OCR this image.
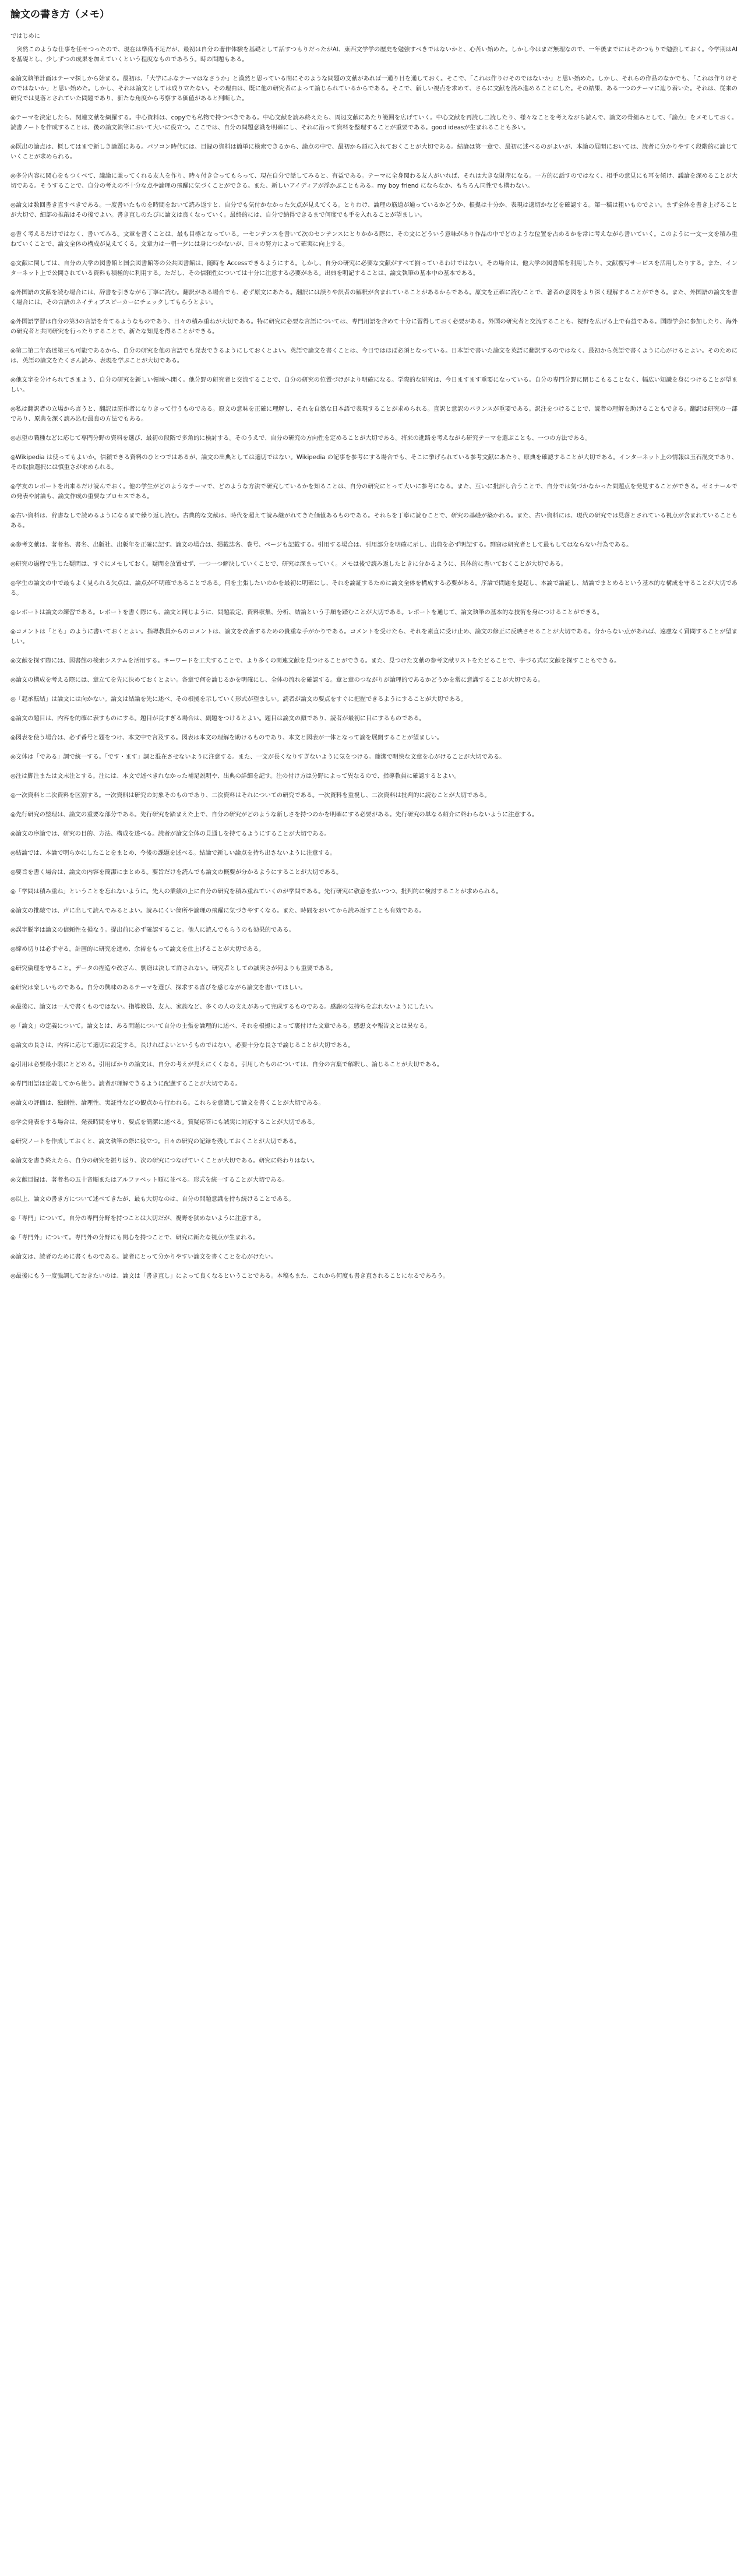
論文の書き方（メモ）

ではじめに

　突然このような仕事を任せつったので、現在は準備不足だが、最初は自分の著作体験を基礎として話すつもりだったがAI、東西文学学の歴史を勉強すべきではないかと、心苦い始めた。しかし今はまだ無理なので、一年後までにはそのつもりで勉強しておく。今学期はAIを基礎とし、少しずつの成果を加えていくという程度なものであろう。時の問題もある。

◎論文執筆計画はテーマ探しから始まる。最初は、「大学にふなテーマはなさうか」と漠然と思っている間にそのような問題の文献があれば一通り目を通しておく。そこで、「これは作りけそのではないか」と思い始めた。しかし、それらの作品のなかでも、「これは作りけそのではないか」と思い始めた。しかし、それは論文としては成り立たない。その理由は、既に他の研究者によって論じられているからである。そこで、新しい視点を求めて、さらに文献を読み進めることにした。その結果、ある一つのテーマに辿り着いた。それは、従来の研究では見落とされていた問題であり、新たな角度から考察する価値があると判断した。

◎テーマを決定したら、関連文献を網羅する。中心資料は、copyでも私物で持つべきである。中心文献を読み終えたら、周辺文献にあたり範囲を広げていく。中心文献を再読し二読したり、様々なことを考えながら読んで、論文の骨組みとして、「論点」をメモしておく。読書ノートを作成することは、後の論文執筆において大いに役立つ。ここでは、自分の問題意識を明確にし、それに沿って資料を整理することが重要である。good ideasが生まれることも多い。

◎既出の論点は、概してはまで新しき論題にある。パソコン時代には、目録の資料は簡単に検索できるから、論点の中で、最初から頭に入れておくことが大切である。結論は第一章で、最初に述べるのがよいが、本論の展開においては、読者に分かりやすく段階的に論じていくことが求められる。

◎多分内容に関心をもつくべて、議論に兼ってくれる友人を作り、時々付き合ってもらって、現在自分で話してみると、有益である。テーマに全身関わる友人がいれば、それは大きな財産になる。一方的に話すのではなく、相手の意見にも耳を傾け、議論を深めることが大切である。そうすることで、自分の考えの不十分な点や論理の飛躍に気づくことができる。また、新しいアイディアが浮かぶこともある。my boy friend にならなか、もちろん同性でも構わない。

◎論文は数回書き直すべきである。一度書いたものを時間をおいて読み返すと、自分でも気付かなかった欠点が見えてくる。とりわけ、論理の筋道が通っているかどうか、根拠は十分か、表現は適切かなどを確認する。第一稿は粗いものでよい。まず全体を書き上げることが大切で、細部の推敲はその後でよい。書き直しのたびに論文は良くなっていく。最終的には、自分で納得できるまで何度でも手を入れることが望ましい。

◎書く考えるだけではなく、書いてみる。文章を書くことは、最も目標となっている。一センテンスを書いて次のセンテンスにとりかかる際に、その文にどういう意味があり作品の中でどのような位置を占めるかを常に考えながら書いていく。このように一文一文を積み重ねていくことで、論文全体の構成が見えてくる。文章力は一朝一夕には身につかないが、日々の努力によって確実に向上する。

◎文献に関しては、自分の大学の図書館と国会図書館等の公共図書館は、随時を Accessできるようにする。しかし、自分の研究に必要な文献がすべて揃っているわけではない。その場合は、他大学の図書館を利用したり、文献複写サービスを活用したりする。また、インターネット上で公開されている資料も積極的に利用する。ただし、その信頼性については十分に注意する必要がある。出典を明記することは、論文執筆の基本中の基本である。

◎外国語の文献を読む場合には、辞書を引きながら丁寧に読む。翻訳がある場合でも、必ず原文にあたる。翻訳には誤りや訳者の解釈が含まれていることがあるからである。原文を正確に読むことで、著者の意図をより深く理解することができる。また、外国語の論文を書く場合には、その言語のネイティブスピーカーにチェックしてもらうとよい。

◎外国語学習は自分の第3の言語を育てるようなものであり、日々の積み重ねが大切である。特に研究に必要な言語については、専門用語を含めて十分に習得しておく必要がある。外国の研究者と交流することも、視野を広げる上で有益である。国際学会に参加したり、海外の研究者と共同研究を行ったりすることで、新たな知見を得ることができる。

◎第二第二年高達第三も可能であるから、自分の研究を他の言語でも発表できるようにしておくとよい。英語で論文を書くことは、今日ではほぼ必須となっている。日本語で書いた論文を英語に翻訳するのではなく、最初から英語で書くように心がけるとよい。そのためには、英語の論文をたくさん読み、表現を学ぶことが大切である。

◎他文字を分けられてさまよう、自分の研究を新しい領域へ開く。他分野の研究者と交流することで、自分の研究の位置づけがより明確になる。学際的な研究は、今日ますます重要になっている。自分の専門分野に閉じこもることなく、幅広い知識を身につけることが望ましい。

◎私は翻訳者の立場から言うと、翻訳は原作者になりきって行うものである。原文の意味を正確に理解し、それを自然な日本語で表現することが求められる。直訳と意訳のバランスが重要である。訳注をつけることで、読者の理解を助けることもできる。翻訳は研究の一部であり、原典を深く読み込む最良の方法でもある。

◎志望の職種などに応じて専門分野の資料を選び、最初の段階で多角的に検討する。そのうえで、自分の研究の方向性を定めることが大切である。将来の進路を考えながら研究テーマを選ぶことも、一つの方法である。

◎Wikipedia は使ってもよいか。信頼できる資料のひとつではあるが、論文の出典としては適切ではない。Wikipedia の記事を参考にする場合でも、そこに挙げられている参考文献にあたり、原典を確認することが大切である。インターネット上の情報は玉石混交であり、その取捨選択には慎重さが求められる。

◎学友のレポートを出来るだけ読んでおく。他の学生がどのようなテーマで、どのような方法で研究しているかを知ることは、自分の研究にとって大いに参考になる。また、互いに批評し合うことで、自分では気づかなかった問題点を発見することができる。ゼミナールでの発表や討論も、論文作成の重要なプロセスである。

◎古い資料は、辞書なしで読めるようになるまで繰り返し読む。古典的な文献は、時代を超えて読み継がれてきた価値あるものである。それらを丁寧に読むことで、研究の基礎が築かれる。また、古い資料には、現代の研究では見落とされている視点が含まれていることもある。

◎参考文献は、著者名、書名、出版社、出版年を正確に記す。論文の場合は、掲載誌名、巻号、ページも記載する。引用する場合は、引用部分を明確に示し、出典を必ず明記する。剽窃は研究者として最もしてはならない行為である。

◎研究の過程で生じた疑問は、すぐにメモしておく。疑問を放置せず、一つ一つ解決していくことで、研究は深まっていく。メモは後で読み返したときに分かるように、具体的に書いておくことが大切である。

◎学生の論文の中で最もよく見られる欠点は、論点が不明確であることである。何を主張したいのかを最初に明確にし、それを論証するために論文全体を構成する必要がある。序論で問題を提起し、本論で論証し、結論でまとめるという基本的な構成を守ることが大切である。

◎レポートは論文の練習である。レポートを書く際にも、論文と同じように、問題設定、資料収集、分析、結論という手順を踏むことが大切である。レポートを通じて、論文執筆の基本的な技術を身につけることができる。

◎コメントは「とも」のように書いておくとよい。指導教員からのコメントは、論文を改善するための貴重な手がかりである。コメントを受けたら、それを素直に受け止め、論文の修正に反映させることが大切である。分からない点があれば、遠慮なく質問することが望ましい。

◎文献を探す際には、図書館の検索システムを活用する。キーワードを工夫することで、より多くの関連文献を見つけることができる。また、見つけた文献の参考文献リストをたどることで、芋づる式に文献を探すこともできる。

◎論文の構成を考える際には、章立てを先に決めておくとよい。各章で何を論じるかを明確にし、全体の流れを確認する。章と章のつながりが論理的であるかどうかを常に意識することが大切である。

◎「起承転結」は論文には向かない。論文は結論を先に述べ、その根拠を示していく形式が望ましい。読者が論文の要点をすぐに把握できるようにすることが大切である。

◎論文の題目は、内容を的確に表すものにする。題目が長すぎる場合は、副題をつけるとよい。題目は論文の顔であり、読者が最初に目にするものである。

◎図表を使う場合は、必ず番号と題をつけ、本文中で言及する。図表は本文の理解を助けるものであり、本文と図表が一体となって論を展開することが望ましい。

◎文体は「である」調で統一する。「です・ます」調と混在させないように注意する。また、一文が長くなりすぎないように気をつける。簡潔で明快な文章を心がけることが大切である。

◎注は脚注または文末注とする。注には、本文で述べきれなかった補足説明や、出典の詳細を記す。注の付け方は分野によって異なるので、指導教員に確認するとよい。

◎一次資料と二次資料を区別する。一次資料は研究の対象そのものであり、二次資料はそれについての研究である。一次資料を重視し、二次資料は批判的に読むことが大切である。

◎先行研究の整理は、論文の重要な部分である。先行研究を踏まえた上で、自分の研究がどのような新しさを持つのかを明確にする必要がある。先行研究の単なる紹介に終わらないように注意する。

◎論文の序論では、研究の目的、方法、構成を述べる。読者が論文全体の見通しを持てるようにすることが大切である。

◎結論では、本論で明らかにしたことをまとめ、今後の課題を述べる。結論で新しい論点を持ち出さないように注意する。

◎要旨を書く場合は、論文の内容を簡潔にまとめる。要旨だけを読んでも論文の概要が分かるようにすることが大切である。

◎「学問は積み重ね」ということを忘れないように。先人の業績の上に自分の研究を積み重ねていくのが学問である。先行研究に敬意を払いつつ、批判的に検討することが求められる。

◎論文の推敲では、声に出して読んでみるとよい。読みにくい箇所や論理の飛躍に気づきやすくなる。また、時間をおいてから読み返すことも有効である。

◎誤字脱字は論文の信頼性を損なう。提出前に必ず確認すること。他人に読んでもらうのも効果的である。

◎締め切りは必ず守る。計画的に研究を進め、余裕をもって論文を仕上げることが大切である。

◎研究倫理を守ること。データの捏造や改ざん、剽窃は決して許されない。研究者としての誠実さが何よりも重要である。

◎研究は楽しいものである。自分の興味のあるテーマを選び、探求する喜びを感じながら論文を書いてほしい。

◎最後に、論文は一人で書くものではない。指導教員、友人、家族など、多くの人の支えがあって完成するものである。感謝の気持ちを忘れないようにしたい。

◎「論文」の定義について。論文とは、ある問題について自分の主張を論理的に述べ、それを根拠によって裏付けた文章である。感想文や報告文とは異なる。

◎論文の長さは、内容に応じて適切に設定する。長ければよいというものではない。必要十分な長さで論じることが大切である。

◎引用は必要最小限にとどめる。引用ばかりの論文は、自分の考えが見えにくくなる。引用したものについては、自分の言葉で解釈し、論じることが大切である。

◎専門用語は定義してから使う。読者が理解できるように配慮することが大切である。

◎論文の評価は、独創性、論理性、実証性などの観点から行われる。これらを意識して論文を書くことが大切である。

◎学会発表をする場合は、発表時間を守り、要点を簡潔に述べる。質疑応答にも誠実に対応することが大切である。

◎研究ノートを作成しておくと、論文執筆の際に役立つ。日々の研究の記録を残しておくことが大切である。

◎論文を書き終えたら、自分の研究を振り返り、次の研究につなげていくことが大切である。研究に終わりはない。

◎文献目録は、著者名の五十音順またはアルファベット順に並べる。形式を統一することが大切である。

◎以上、論文の書き方について述べてきたが、最も大切なのは、自分の問題意識を持ち続けることである。

◎「専門」について。自分の専門分野を持つことは大切だが、視野を狭めないように注意する。

◎「専門外」について。専門外の分野にも関心を持つことで、研究に新たな視点が生まれる。

◎論文は、読者のために書くものである。読者にとって分かりやすい論文を書くことを心がけたい。

◎最後にもう一度強調しておきたいのは、論文は「書き直し」によって良くなるということである。本稿もまた、これから何度も書き直されることになるであろう。
